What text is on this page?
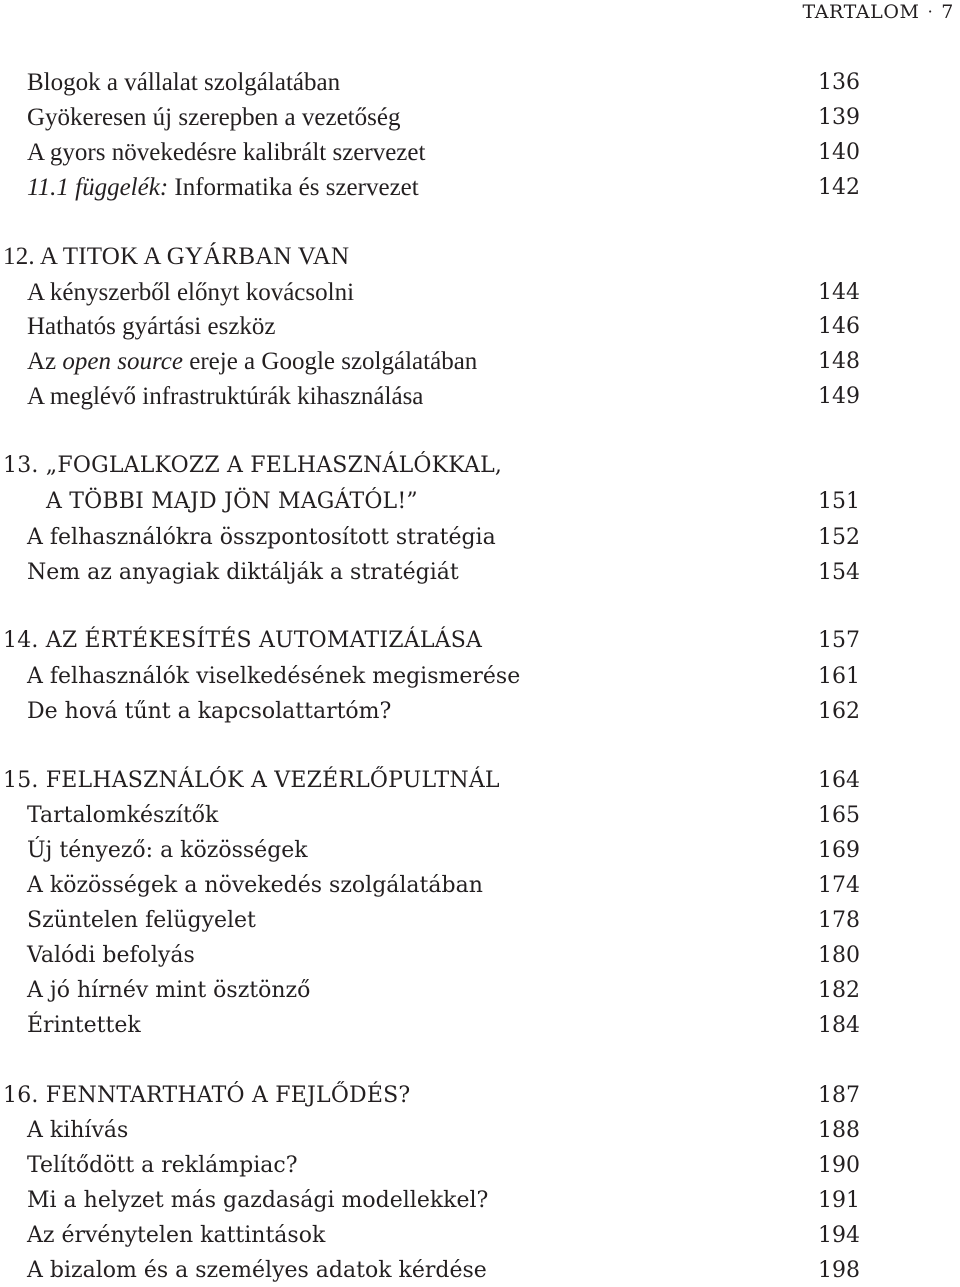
TARTALOM · 7
Blogok a vállalat szolgálatában	136
Gyökeresen új szerepben a vezetőség	139
A gyors növekedésre kalibrált szervezet	140
11.1 függelék: Informatika és szervezet	142
12. A TITOK A GYÁRBAN VAN
A kényszerből előnyt kovácsolni	144
Hathatós gyártási eszköz	146
Az open source ereje a Google szolgálatában	148
A meglévő infrastruktúrák kihasználása	149
13. „FOGLALKOZZ A FELHASZNÁLÓKKAL,
A TÖBBI MAJD JÖN MAGÁTÓL!”	151
A felhasználókra összpontosított stratégia	152
Nem az anyagiak diktálják a stratégiát	154
14. AZ ÉRTÉKESÍTÉS AUTOMATIZÁLÁSA	157
A felhasználók viselkedésének megismerése	161
De hová tűnt a kapcsolattartóm?	162
15. FELHASZNÁLÓK A VEZÉRLŐPULTNÁL	164
Tartalomkészítők	165
Új tényező: a közösségek	169
A közösségek a növekedés szolgálatában	174
Szüntelen felügyelet	178
Valódi befolyás	180
A jó hírnév mint ösztönző	182
Érintettek	184
16. FENNTARTHATÓ A FEJLŐDÉS?	187
A kihívás	188
Telítődött a reklámpiac?	190
Mi a helyzet más gazdasági modellekkel?	191
Az érvénytelen kattintások	194
A bizalom és a személyes adatok kérdése	198
